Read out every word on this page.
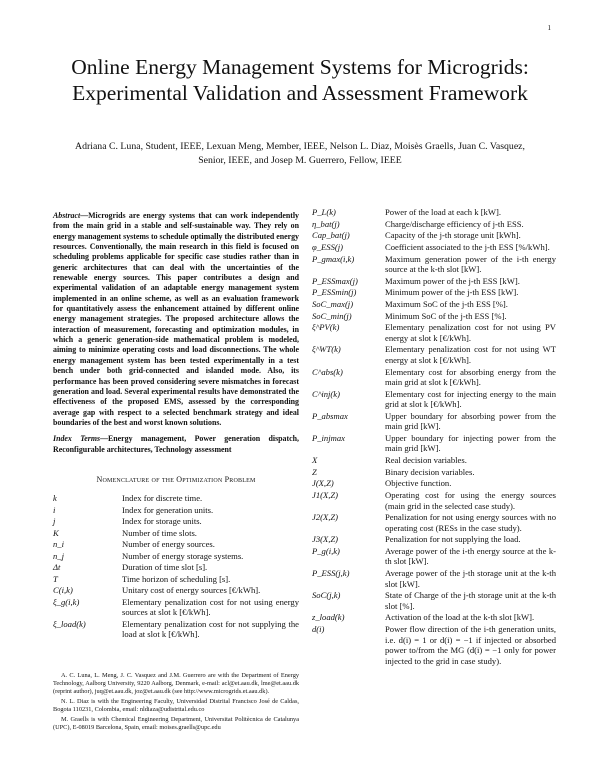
1
Online Energy Management Systems for Microgrids: Experimental Validation and Assessment Framework
Adriana C. Luna, Student, IEEE, Lexuan Meng, Member, IEEE, Nelson L. Diaz, Moisès Graells, Juan C. Vasquez, Senior, IEEE, and Josep M. Guerrero, Fellow, IEEE

Abstract—Microgrids are energy systems that can work independently from the main grid in a stable and self-sustainable way. They rely on energy management systems to schedule optimally the distributed energy resources. Conventionally, the main research in this field is focused on scheduling problems applicable for specific case studies rather than in generic architectures that can deal with the uncertainties of the renewable energy sources. This paper contributes a design and experimental validation of an adaptable energy management system implemented in an online scheme, as well as an evaluation framework for quantitatively assess the enhancement attained by different online energy management strategies. The proposed architecture allows the interaction of measurement, forecasting and optimization modules, in which a generic generation-side mathematical problem is modeled, aiming to minimize operating costs and load disconnections. The whole energy management system has been tested experimentally in a test bench under both grid-connected and islanded mode. Also, its performance has been proved considering severe mismatches in forecast generation and load. Several experimental results have demonstrated the effectiveness of the proposed EMS, assessed by the corresponding average gap with respect to a selected benchmark strategy and ideal boundaries of the best and worst known solutions.

Index Terms—Energy management, Power generation dispatch, Reconfigurable architectures, Technology assessment

Nomenclature of the Optimization Problem
k	Index for discrete time.
i	Index for generation units.
j	Index for storage units.
K	Number of time slots.
n_i	Number of energy sources.
n_j	Number of energy storage systems.
Δt	Duration of time slot [s].
T	Time horizon of scheduling [s].
C(i,k)	Unitary cost of energy sources [€/kWh].
ξ_g(i,k)	Elementary penalization cost for not using energy sources at slot k [€/kWh].
ξ_load(k)	Elementary penalization cost for not supplying the load at slot k [€/kWh].

A. C. Luna, L. Meng, J. C. Vasquez and J.M. Guerrero are with the Department of Energy Technology, Aalborg University, 9220 Aalborg, Denmark, e-mail: acl@et.aau.dk, lme@et.aau.dk (reprint author), juq@et.aau.dk, joz@et.aau.dk (see http://www.microgrids.et.aau.dk).

N. L. Diaz is with the Engineering Faculty, Universidad Distrital Francisco José de Caldas, Bogota 110231, Colombia, email: nldiaza@udistrital.edu.co

M. Graells is with Chemical Engineering Department, Universitat Politècnica de Catalunya (UPC), E-08019 Barcelona, Spain, email: moises.graells@upc.edu

P_L(k)	Power of the load at each k [kW].
η_bat(j)	Charge/discharge efficiency of j-th ESS.
Cap_bat(j)	Capacity of the j-th storage unit [kWh].
φ_ESS(j)	Coefficient associated to the j-th ESS [%/kWh].
P_gmax(i,k)	Maximum generation power of the i-th energy source at the k-th slot [kW].
P_ESSmax(j)	Maximum power of the j-th ESS [kW].
P_ESSmin(j)	Minimum power of the j-th ESS [kW].
SoC_max(j)	Maximum SoC of the j-th ESS [%].
SoC_min(j)	Minimum SoC of the j-th ESS [%].
ξ^PV(k)	Elementary penalization cost for not using PV energy at slot k [€/kWh].
ξ^WT(k)	Elementary penalization cost for not using WT energy at slot k [€/kWh].
C^abs(k)	Elementary cost for absorbing energy from the main grid at slot k [€/kWh].
C^inj(k)	Elementary cost for injecting energy to the main grid at slot k [€/kWh].
P_absmax	Upper boundary for absorbing power from the main grid [kW].
P_injmax	Upper boundary for injecting power from the main grid [kW].
X	Real decision variables.
Z	Binary decision variables.
J(X,Z)	Objective function.
J1(X,Z)	Operating cost for using the energy sources (main grid in the selected case study).
J2(X,Z)	Penalization for not using energy sources with no operating cost (RESs in the case study).
J3(X,Z)	Penalization for not supplying the load.
P_g(i,k)	Average power of the i-th energy source at the k-th slot [kW].
P_ESS(j,k)	Average power of the j-th storage unit at the k-th slot [kW].
SoC(j,k)	State of Charge of the j-th storage unit at the k-th slot [%].
z_load(k)	Activation of the load at the k-th slot [kW].
d(i)	Power flow direction of the i-th generation units, i.e. d(i) = 1 or d(i) = −1 if injected or absorbed power to/from the MG (d(i) = −1 only for power injected to the grid in case study).
